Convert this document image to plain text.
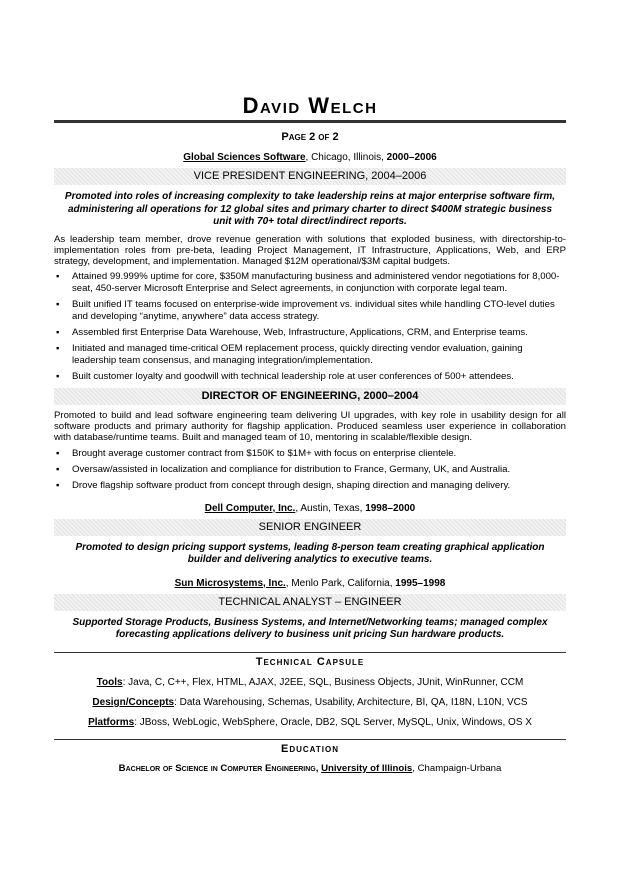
David Welch
Page 2 of 2
Global Sciences Software, Chicago, Illinois, 2000–2006
VICE PRESIDENT ENGINEERING, 2004–2006
Promoted into roles of increasing complexity to take leadership reins at major enterprise software firm, administering all operations for 12 global sites and primary charter to direct $400M strategic business unit with 70+ total direct/indirect reports.
As leadership team member, drove revenue generation with solutions that exploded business, with directorship-to-implementation roles from pre-beta, leading Project Management, IT Infrastructure, Applications, Web, and ERP strategy, development, and implementation. Managed $12M operational/$3M capital budgets.
▪ Attained 99.999% uptime for core, $350M manufacturing business and administered vendor negotiations for 8,000-seat, 450-server Microsoft Enterprise and Select agreements, in conjunction with corporate legal team.
▪ Built unified IT teams focused on enterprise-wide improvement vs. individual sites while handling CTO-level duties and developing “anytime, anywhere” data access strategy.
▪ Assembled first Enterprise Data Warehouse, Web, Infrastructure, Applications, CRM, and Enterprise teams.
▪ Initiated and managed time-critical OEM replacement process, quickly directing vendor evaluation, gaining leadership team consensus, and managing integration/implementation.
▪ Built customer loyalty and goodwill with technical leadership role at user conferences of 500+ attendees.
DIRECTOR OF ENGINEERING, 2000–2004
Promoted to build and lead software engineering team delivering UI upgrades, with key role in usability design for all software products and primary authority for flagship application. Produced seamless user experience in collaboration with database/runtime teams. Built and managed team of 10, mentoring in scalable/flexible design.
▪ Brought average customer contract from $150K to $1M+ with focus on enterprise clientele.
▪ Oversaw/assisted in localization and compliance for distribution to France, Germany, UK, and Australia.
▪ Drove flagship software product from concept through design, shaping direction and managing delivery.
Dell Computer, Inc., Austin, Texas, 1998–2000
SENIOR ENGINEER
Promoted to design pricing support systems, leading 8-person team creating graphical application builder and delivering analytics to executive teams.
Sun Microsystems, Inc., Menlo Park, California, 1995–1998
TECHNICAL ANALYST – ENGINEER
Supported Storage Products, Business Systems, and Internet/Networking teams; managed complex forecasting applications delivery to business unit pricing Sun hardware products.
Technical Capsule
Tools: Java, C, C++, Flex, HTML, AJAX, J2EE, SQL, Business Objects, JUnit, WinRunner, CCM
Design/Concepts: Data Warehousing, Schemas, Usability, Architecture, BI, QA, I18N, L10N, VCS
Platforms: JBoss, WebLogic, WebSphere, Oracle, DB2, SQL Server, MySQL, Unix, Windows, OS X
Education
Bachelor of Science in Computer Engineering, University of Illinois, Champaign-Urbana
